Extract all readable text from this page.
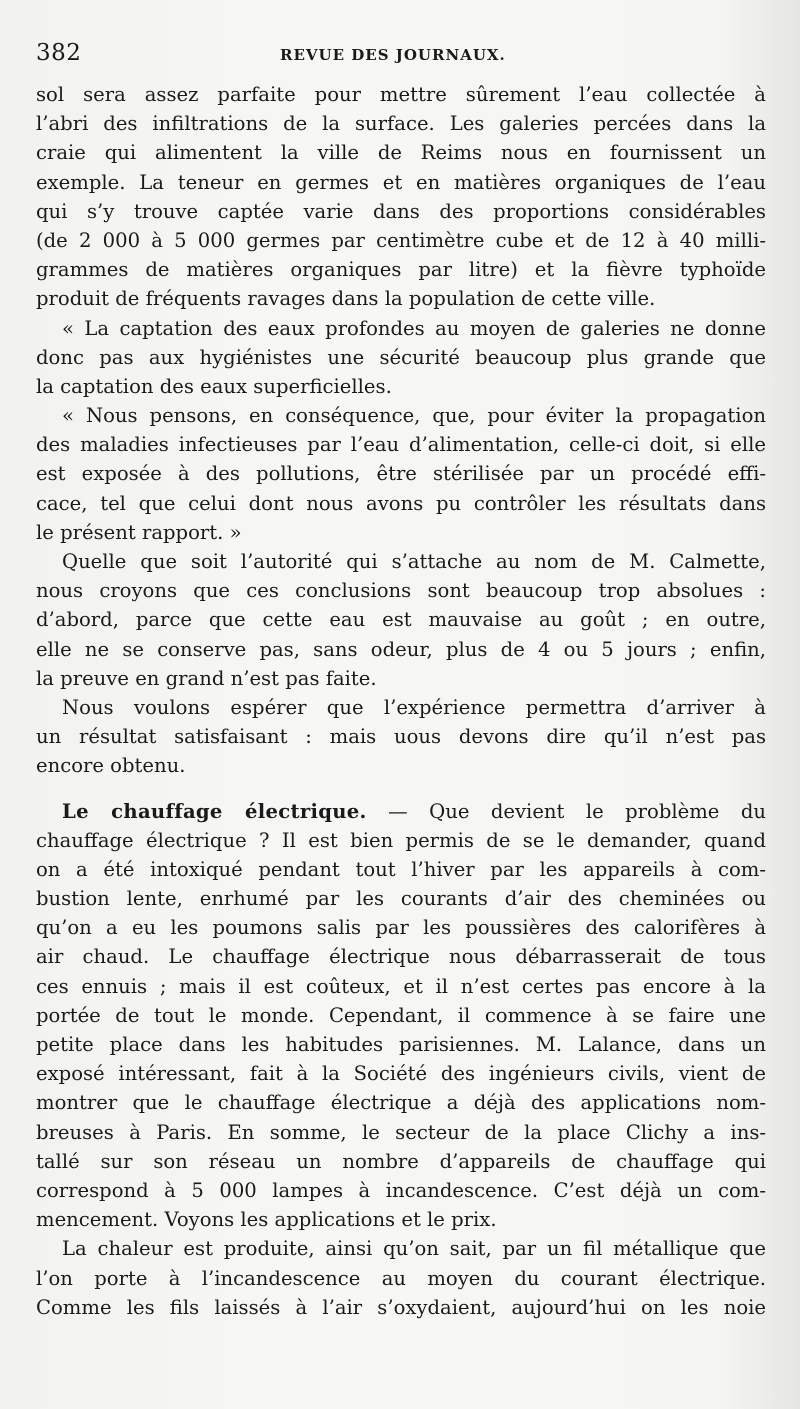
382	REVUE DES JOURNAUX.
sol sera assez parfaite pour mettre sûrement l’eau collectée à
l’abri des infiltrations de la surface. Les galeries percées dans la
craie qui alimentent la ville de Reims nous en fournissent un
exemple. La teneur en germes et en matières organiques de l’eau
qui s’y trouve captée varie dans des proportions considérables
(de 2 000 à 5 000 germes par centimètre cube et de 12 à 40 milli-
grammes de matières organiques par litre) et la fièvre typhoïde
produit de fréquents ravages dans la population de cette ville.
« La captation des eaux profondes au moyen de galeries ne donne
donc pas aux hygiénistes une sécurité beaucoup plus grande que
la captation des eaux superficielles.
« Nous pensons, en conséquence, que, pour éviter la propagation
des maladies infectieuses par l’eau d’alimentation, celle-ci doit, si elle
est exposée à des pollutions, être stérilisée par un procédé effi-
cace, tel que celui dont nous avons pu contrôler les résultats dans
le présent rapport. »
Quelle que soit l’autorité qui s’attache au nom de M. Calmette,
nous croyons que ces conclusions sont beaucoup trop absolues :
d’abord, parce que cette eau est mauvaise au goût ; en outre,
elle ne se conserve pas, sans odeur, plus de 4 ou 5 jours ; enfin,
la preuve en grand n’est pas faite.
Nous voulons espérer que l’expérience permettra d’arriver à
un résultat satisfaisant : mais uous devons dire qu’il n’est pas
encore obtenu.
Le chauffage électrique. — Que devient le problème du
chauffage électrique ? Il est bien permis de se le demander, quand
on a été intoxiqué pendant tout l’hiver par les appareils à com-
bustion lente, enrhumé par les courants d’air des cheminées ou
qu’on a eu les poumons salis par les poussières des calorifères à
air chaud. Le chauffage électrique nous débarrasserait de tous
ces ennuis ; mais il est coûteux, et il n’est certes pas encore à la
portée de tout le monde. Cependant, il commence à se faire une
petite place dans les habitudes parisiennes. M. Lalance, dans un
exposé intéressant, fait à la Société des ingénieurs civils, vient de
montrer que le chauffage électrique a déjà des applications nom-
breuses à Paris. En somme, le secteur de la place Clichy a ins-
tallé sur son réseau un nombre d’appareils de chauffage qui
correspond à 5 000 lampes à incandescence. C’est déjà un com-
mencement. Voyons les applications et le prix.
La chaleur est produite, ainsi qu’on sait, par un fil métallique que
l’on porte à l’incandescence au moyen du courant électrique.
Comme les fils laissés à l’air s’oxydaient, aujourd’hui on les noie
